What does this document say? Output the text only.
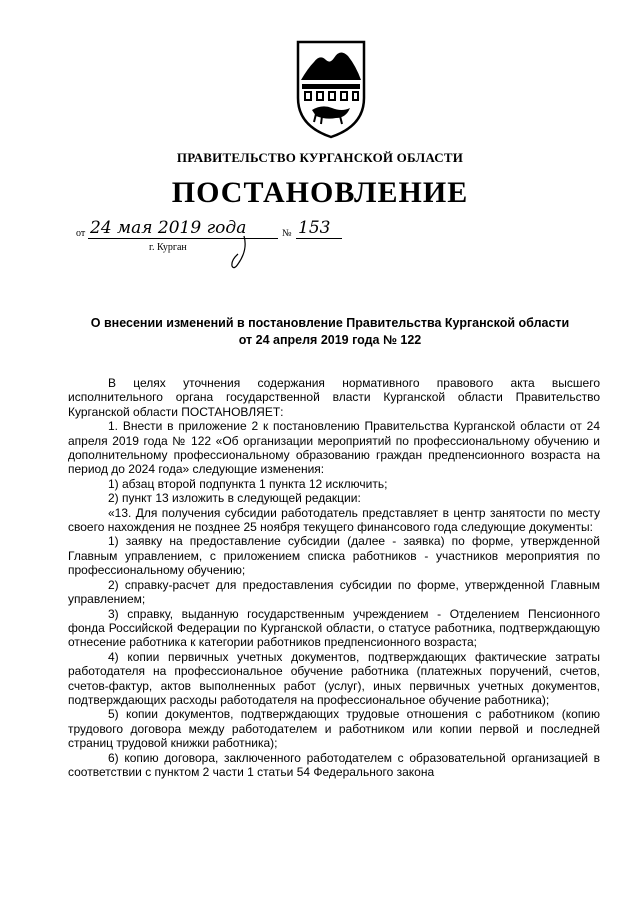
ПРАВИТЕЛЬСТВО КУРГАНСКОЙ ОБЛАСТИ
ПОСТАНОВЛЕНИЕ
от 24 мая 2019 года	№ 153
г. Курган
О внесении изменений в постановление Правительства Курганской области
от 24 апреля 2019 года № 122

В целях уточнения содержания нормативного правового акта высшего исполнительного органа государственной власти Курганской области Правительство Курганской области ПОСТАНОВЛЯЕТ:

1. Внести в приложение 2 к постановлению Правительства Курганской области от 24 апреля 2019 года № 122 «Об организации мероприятий по профессиональному обучению и дополнительному профессиональному образованию граждан предпенсионного возраста на период до 2024 года» следующие изменения:

1) абзац второй подпункта 1 пункта 12 исключить;

2) пункт 13 изложить в следующей редакции:

«13. Для получения субсидии работодатель представляет в центр занятости по месту своего нахождения не позднее 25 ноября текущего финансового года следующие документы:

1) заявку на предоставление субсидии (далее - заявка) по форме, утвержденной Главным управлением, с приложением списка работников - участников мероприятия по профессиональному обучению;

2) справку-расчет для предоставления субсидии по форме, утвержденной Главным управлением;

3) справку, выданную государственным учреждением - Отделением Пенсионного фонда Российской Федерации по Курганской области, о статусе работника, подтверждающую отнесение работника к категории работников предпенсионного возраста;

4) копии первичных учетных документов, подтверждающих фактические затраты работодателя на профессиональное обучение работника (платежных поручений, счетов, счетов-фактур, актов выполненных работ (услуг), иных первичных учетных документов, подтверждающих расходы работодателя на профессиональное обучение работника);

5) копии документов, подтверждающих трудовые отношения с работником (копию трудового договора между работодателем и работником или копии первой и последней страниц трудовой книжки работника);

6) копию договора, заключенного работодателем с образовательной организацией в соответствии с пунктом 2 части 1 статьи 54 Федерального закона
